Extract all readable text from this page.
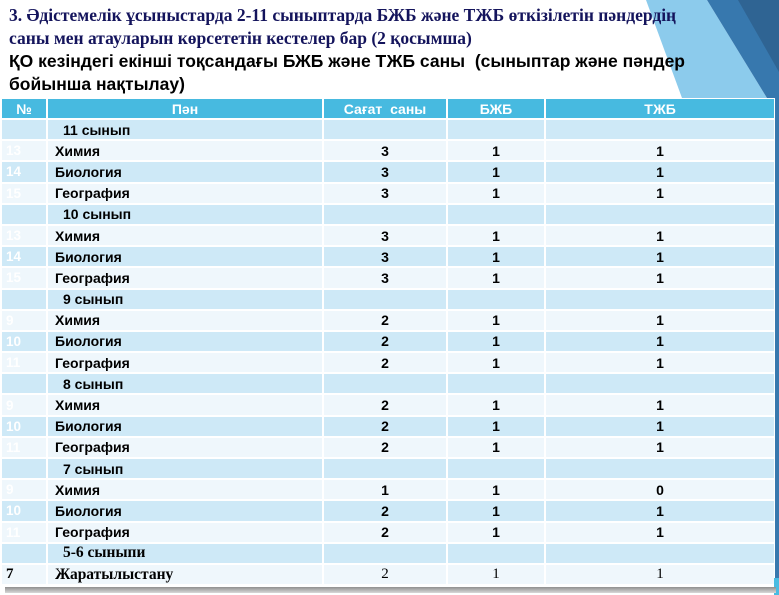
3. Әдістемелік ұсыныстарда 2-11 сыныптарда БЖБ және ТЖБ өткізілетін пәндердің саны мен атауларын көрсететін кестелер бар (2 қосымша)

ҚО кезіндегі екінші тоқсандағы БЖБ және ТЖБ саны  (сыныптар және пәндер бойынша нақтылау)

№	Пән	Сағат  саны	БЖБ	ТЖБ
	11 сынып			
13	Химия	3	1	1
14	Биология	3	1	1
15	География	3	1	1
	10 сынып			
13	Химия	3	1	1
14	Биология	3	1	1
15	География	3	1	1
	9 сынып			
9	Химия	2	1	1
10	Биология	2	1	1
11	География	2	1	1
	8 сынып			
9	Химия	2	1	1
10	Биология	2	1	1
11	География	2	1	1
	7 сынып			
9	Химия	1	1	0
10	Биология	2	1	1
11	География	2	1	1
	5-6 сыныпи			
7	Жаратылыстану	2	1	1
